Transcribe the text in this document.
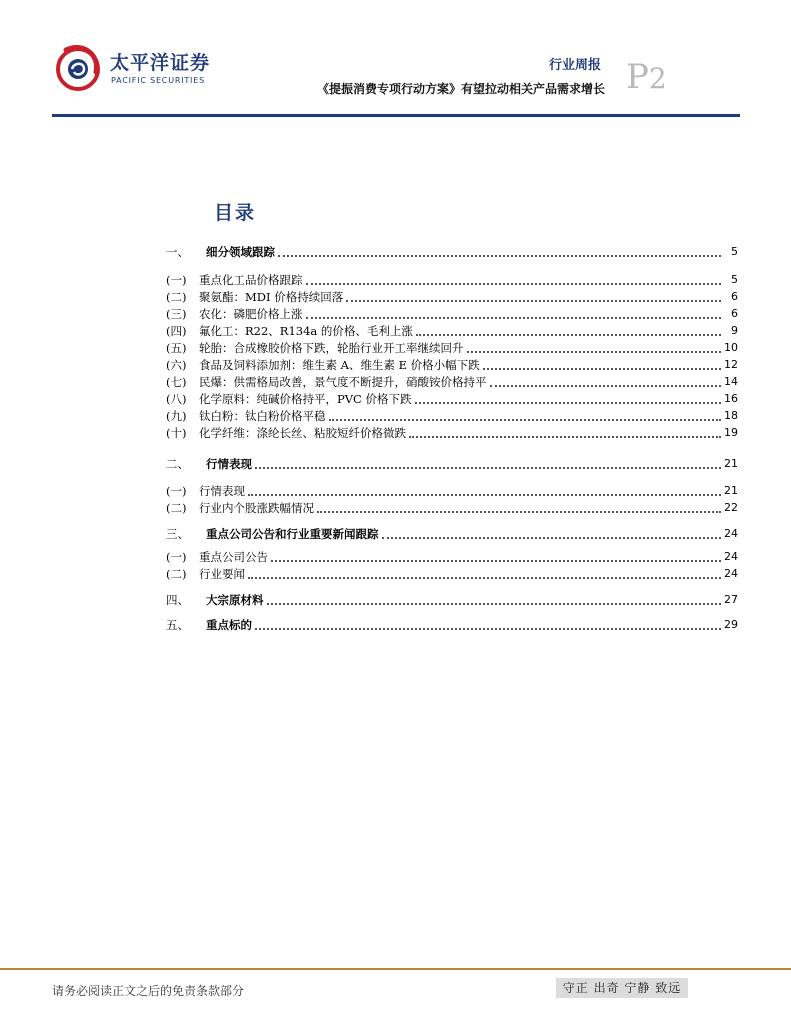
太平洋证券
PACIFIC SECURITIES
行业周报
《提振消费专项行动方案》有望拉动相关产品需求增长 P2
目录
一、	细分领域跟踪	5
(一)	重点化工品价格跟踪	5
(二)	聚氨酯：MDI 价格持续回落	6
(三)	农化：磷肥价格上涨	6
(四)	氟化工：R22、R134a 的价格、毛利上涨	9
(五)	轮胎：合成橡胶价格下跌，轮胎行业开工率继续回升	10
(六)	食品及饲料添加剂：维生素 A、维生素 E 价格小幅下跌	12
(七)	民爆：供需格局改善，景气度不断提升，硝酸铵价格持平	14
(八)	化学原料：纯碱价格持平，PVC 价格下跌	16
(九)	钛白粉：钛白粉价格平稳	18
(十)	化学纤维：涤纶长丝、粘胶短纤价格微跌	19
二、	行情表现	21
(一)	行情表现	21
(二)	行业内个股涨跌幅情况	22
三、	重点公司公告和行业重要新闻跟踪	24
(一)	重点公司公告	24
(二)	行业要闻	24
四、	大宗原材料	27
五、	重点标的	29
请务必阅读正文之后的免责条款部分	守正 出奇 宁静 致远
